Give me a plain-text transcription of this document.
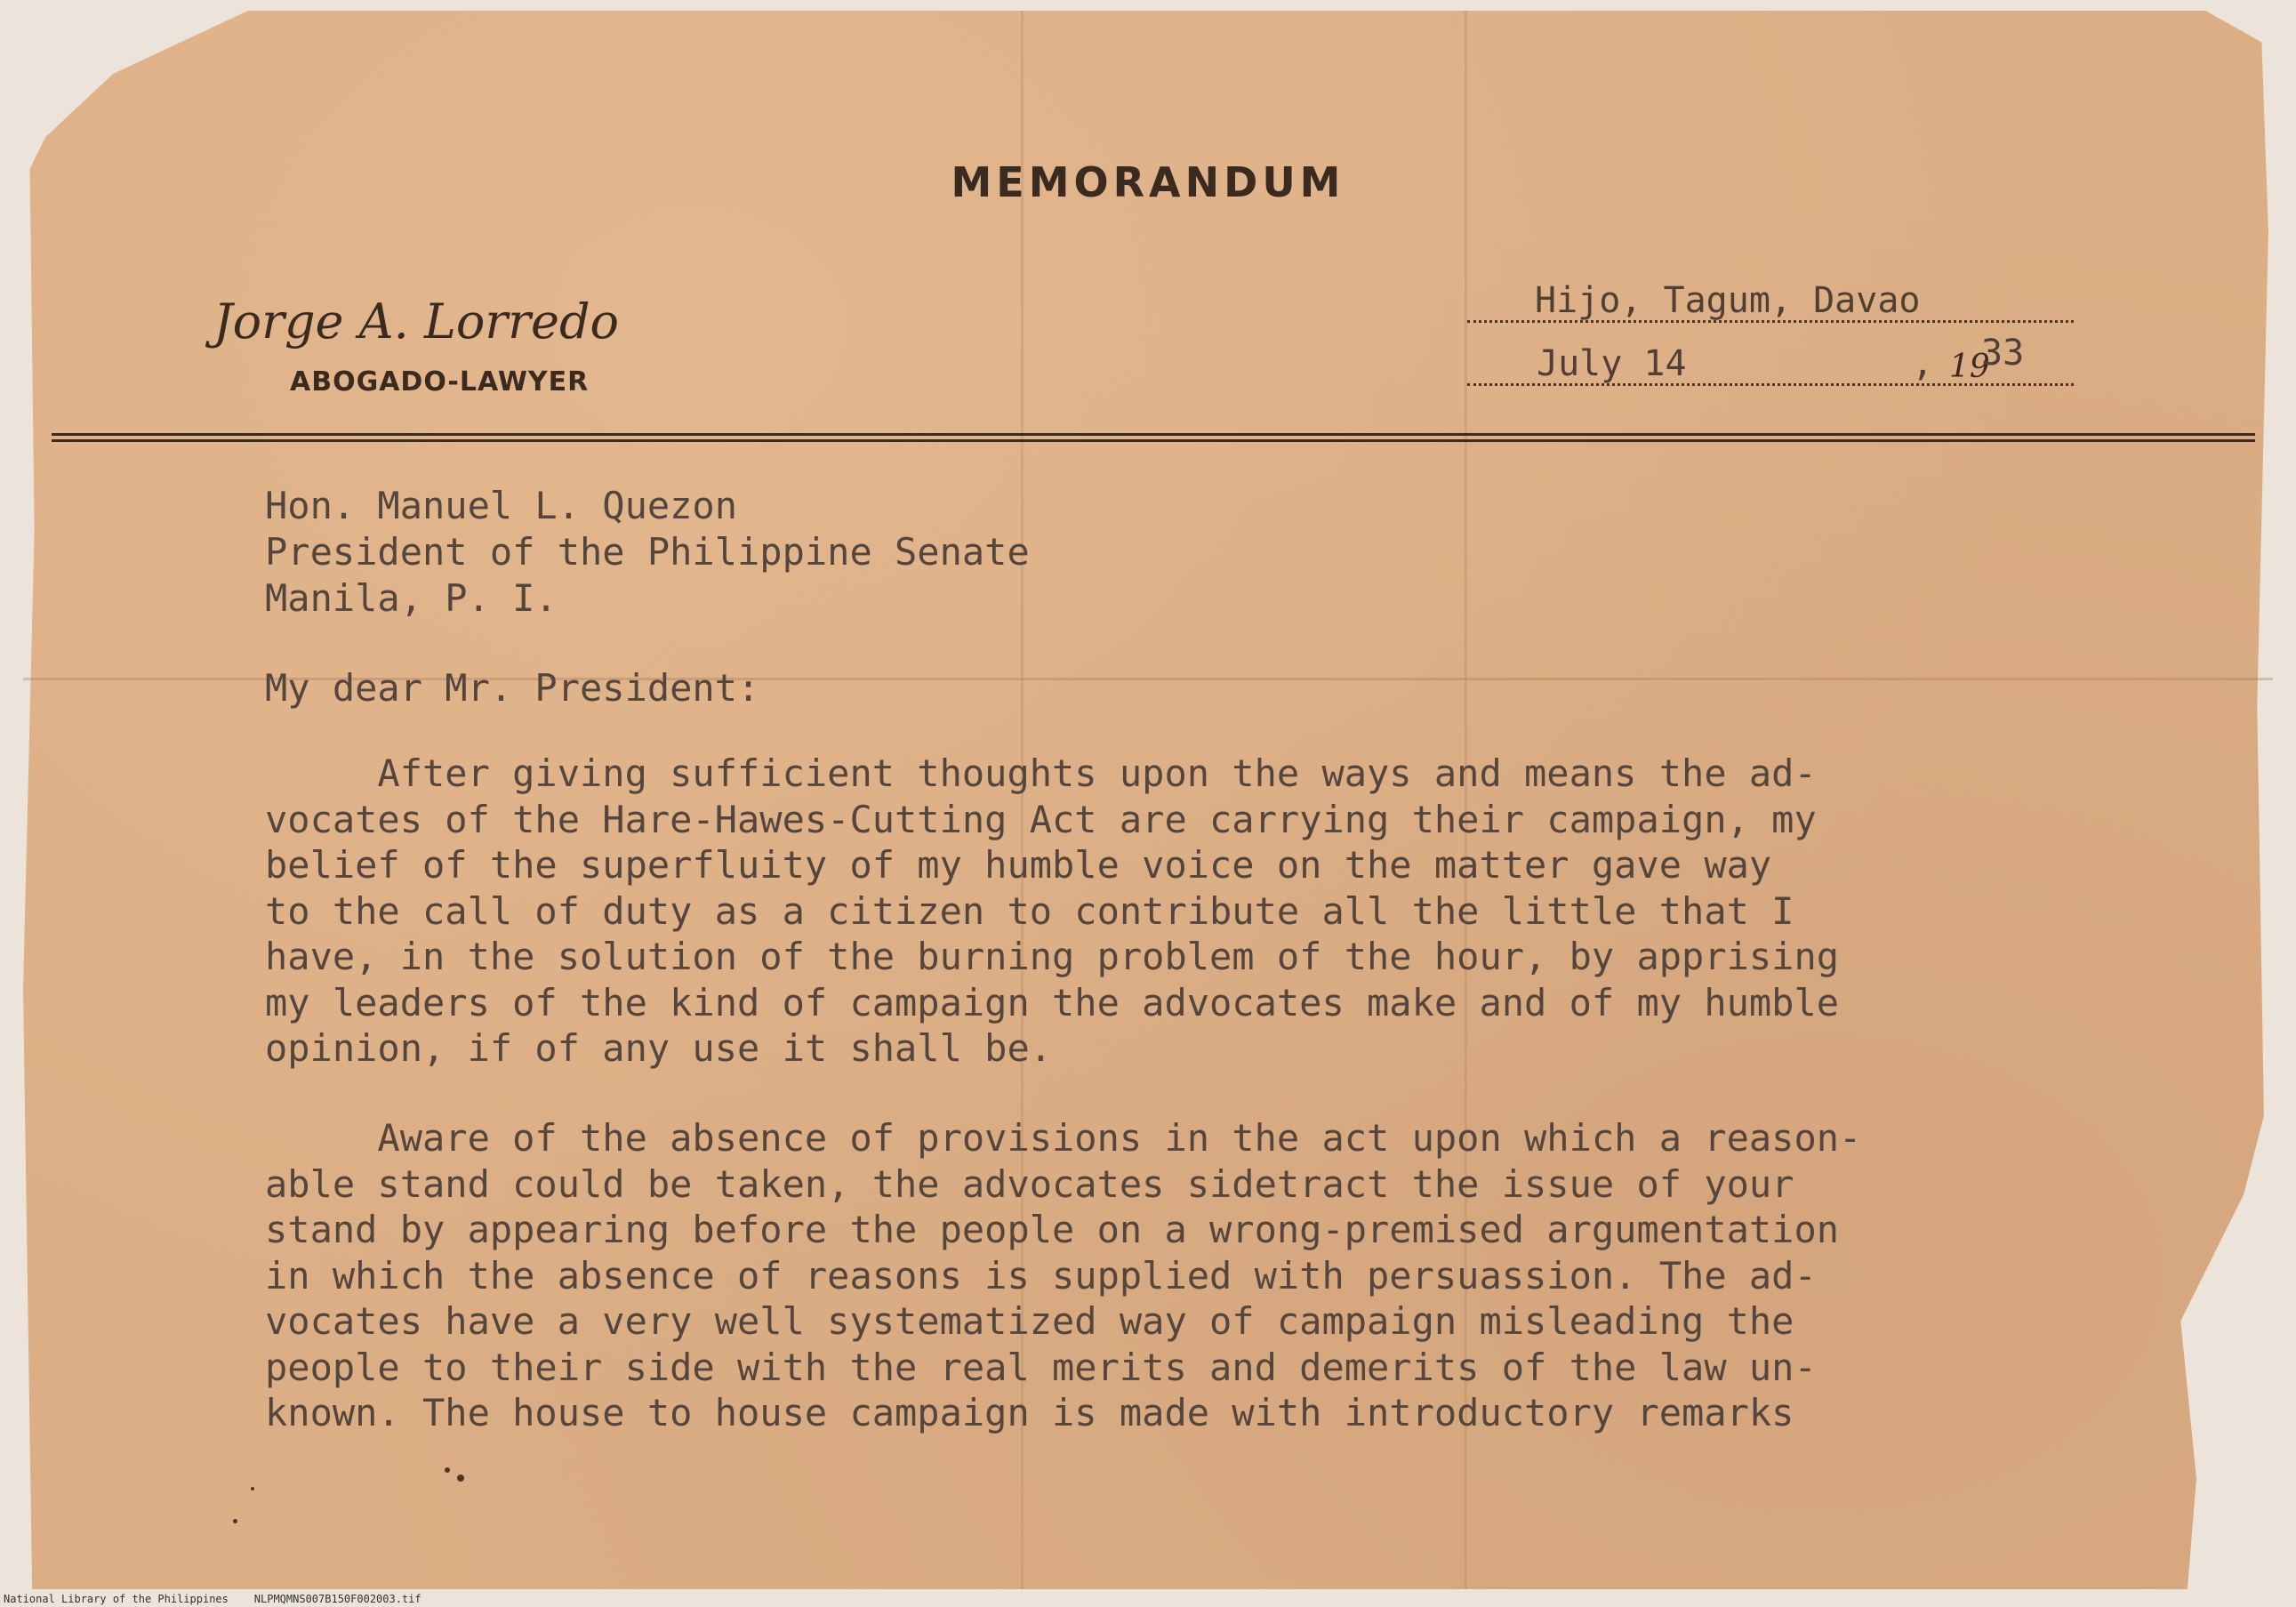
MEMORANDUM
Jorge A. Lorredo
ABOGADO-LAWYER
Hijo, Tagum, Davao
July 14	, 19
33
Hon. Manuel L. Quezon
President of the Philippine Senate
Manila, P. I.
My dear Mr. President:
After giving sufficient thoughts upon the ways and means the ad-
vocates of the Hare-Hawes-Cutting Act are carrying their campaign, my
belief of the superfluity of my humble voice on the matter gave way
to the call of duty as a citizen to contribute all the little that I
have, in the solution of the burning problem of the hour, by apprising
my leaders of the kind of campaign the advocates make and of my humble
opinion, if of any use it shall be.
Aware of the absence of provisions in the act upon which a reason-
able stand could be taken, the advocates sidetract the issue of your
stand by appearing before the people on a wrong-premised argumentation
in which the absence of reasons is supplied with persuassion. The ad-
vocates have a very well systematized way of campaign misleading the
people to their side with the real merits and demerits of the law un-
known. The house to house campaign is made with introductory remarks
National Library of the Philippines NLPMQMNS007B150F002003.tif
